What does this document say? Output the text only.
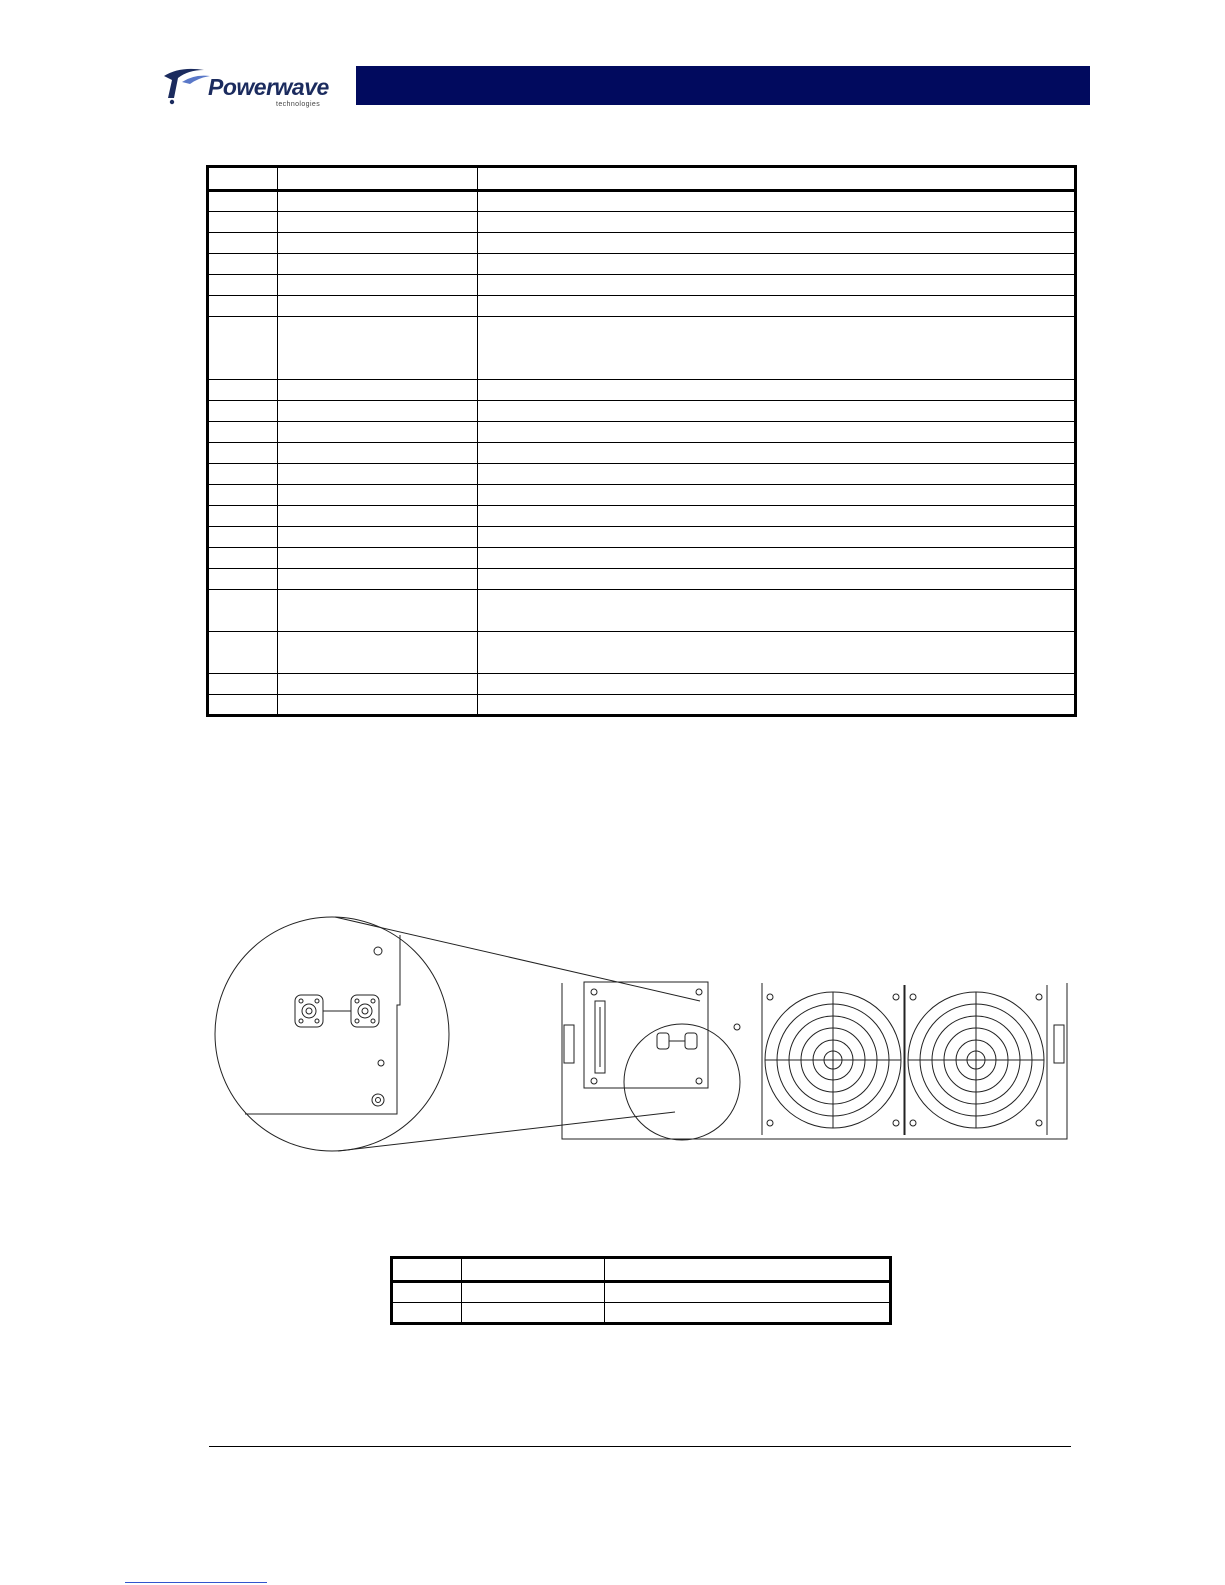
Powerwave
technologies
